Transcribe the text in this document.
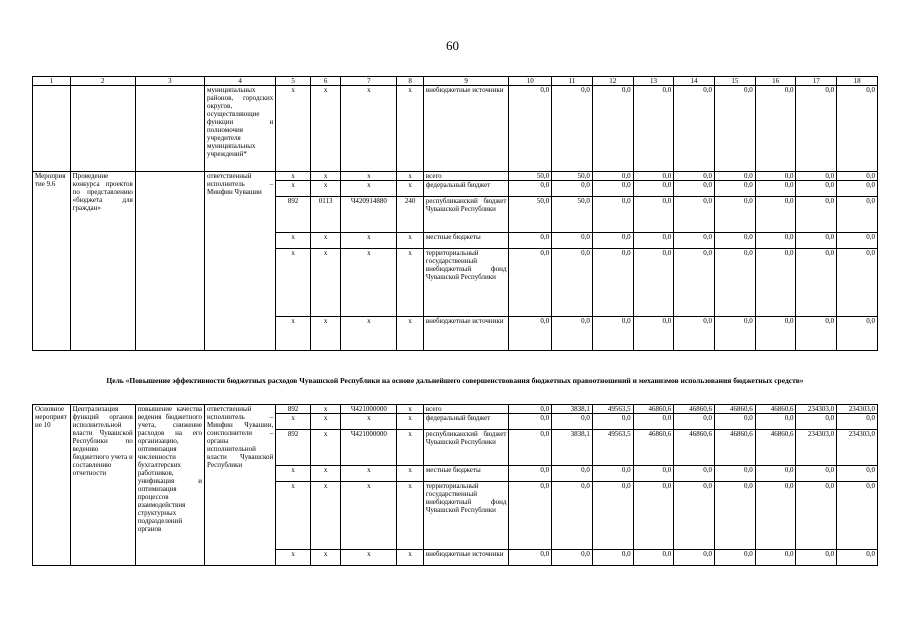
60
1	2	3	4	5	6	7	8	9	10	11	12	13	14	15	16	17	18
			муниципальных районов, городских округов, осуществляющие функции и полномочия учредителя муниципальных учреждений*	x	x	x	x	внебюджетные источники	0,0	0,0	0,0	0,0	0,0	0,0	0,0	0,0	0,0
Мероприятие 9.6	Проведение конкурса проектов по представлению «бюджета для граждан»		ответственный исполнитель – Минфин Чувашии	x	x	x	x	всего	50,0	50,0	0,0	0,0	0,0	0,0	0,0	0,0	0,0
				x	x	x	x	федеральный бюджет	0,0	0,0	0,0	0,0	0,0	0,0	0,0	0,0	0,0
				892	0113	Ч420914880	240	республиканский бюджет Чувашской Республики	50,0	50,0	0,0	0,0	0,0	0,0	0,0	0,0	0,0
				x	x	x	x	местные бюджеты	0,0	0,0	0,0	0,0	0,0	0,0	0,0	0,0	0,0
				x	x	x	x	территориальный государственный внебюджетный фонд Чувашской Республики	0,0	0,0	0,0	0,0	0,0	0,0	0,0	0,0	0,0
				x	x	x	x	внебюджетные источники	0,0	0,0	0,0	0,0	0,0	0,0	0,0	0,0	0,0
Цель «Повышение эффективности бюджетных расходов Чувашской Республики на основе дальнейшего совершенствования бюджетных правоотношений и механизмов использования бюджетных средств»
Основное мероприятие 10	Централизация функций органов исполнительной власти Чувашской Республики по ведению бюджетного учета и составлению отчетности	повышение качества ведения бюджетного учета, снижение расходов на его организацию, оптимизация численности бухгалтерских работников, унификация и оптимизация процессов взаимодействия структурных подразделений органов	ответственный исполнитель – Минфин Чувашии, соисполнители – органы исполнительной власти Чувашской Республики	892	x	Ч421000000	x	всего	0,0	3838,1	49563,5	46860,6	46860,6	46860,6	46860,6	234303,0	234303,0
				x	x	x	x	федеральный бюджет	0,0	0,0	0,0	0,0	0,0	0,0	0,0	0,0	0,0
				892	x	Ч421000000	x	республиканский бюджет Чувашской Республики	0,0	3838,1	49563,5	46860,6	46860,6	46860,6	46860,6	234303,0	234303,0
				x	x	x	x	местные бюджеты	0,0	0,0	0,0	0,0	0,0	0,0	0,0	0,0	0,0
				x	x	x	x	территориальный государственный внебюджетный фонд Чувашской Республики	0,0	0,0	0,0	0,0	0,0	0,0	0,0	0,0	0,0
				x	x	x	x	внебюджетные источники	0,0	0,0	0,0	0,0	0,0	0,0	0,0	0,0	0,0
